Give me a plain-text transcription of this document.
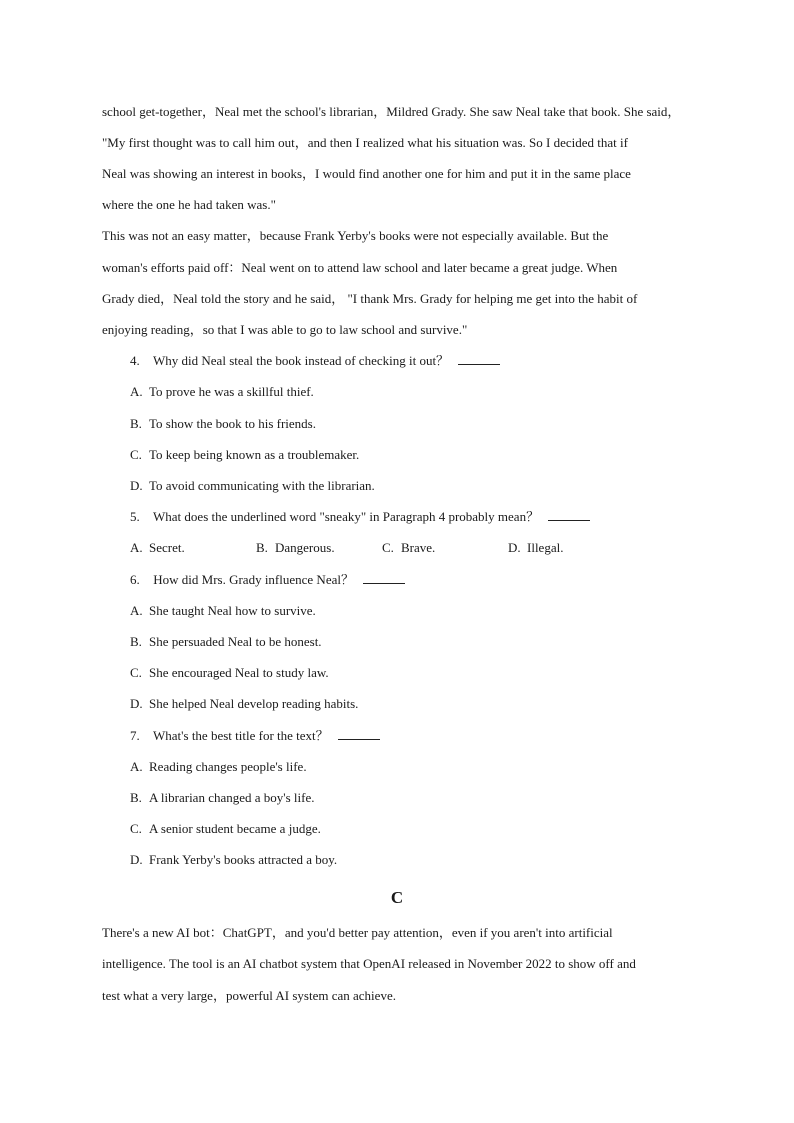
school get-together，Neal met the school's librarian，Mildred Grady. She saw Neal take that book. She said，
"My first thought was to call him out，and then I realized what his situation was. So I decided that if
Neal was showing an interest in books，I would find another one for him and put it in the same place
where the one he had taken was."
This was not an easy matter，because Frank Yerby's books were not especially available. But the
woman's efforts paid off：Neal went on to attend law school and later became a great judge. When
Grady died，Neal told the story and he said， "I thank Mrs. Grady for helping me get into the habit of
enjoying reading，so that I was able to go to law school and survive."
4. Why did Neal steal the book instead of checking it out？
A. To prove he was a skillful thief.
B. To show the book to his friends.
C. To keep being known as a troublemaker.
D. To avoid communicating with the librarian.
5. What does the underlined word "sneaky" in Paragraph 4 probably mean？
A. Secret.	B. Dangerous.	C. Brave.	D. Illegal.
6. How did Mrs. Grady influence Neal？
A. She taught Neal how to survive.
B. She persuaded Neal to be honest.
C. She encouraged Neal to study law.
D. She helped Neal develop reading habits.
7. What's the best title for the text？
A. Reading changes people's life.
B. A librarian changed a boy's life.
C. A senior student became a judge.
D. Frank Yerby's books attracted a boy.
C
There's a new AI bot：ChatGPT，and you'd better pay attention，even if you aren't into artificial
intelligence. The tool is an AI chatbot system that OpenAI released in November 2022 to show off and
test what a very large，powerful AI system can achieve.
